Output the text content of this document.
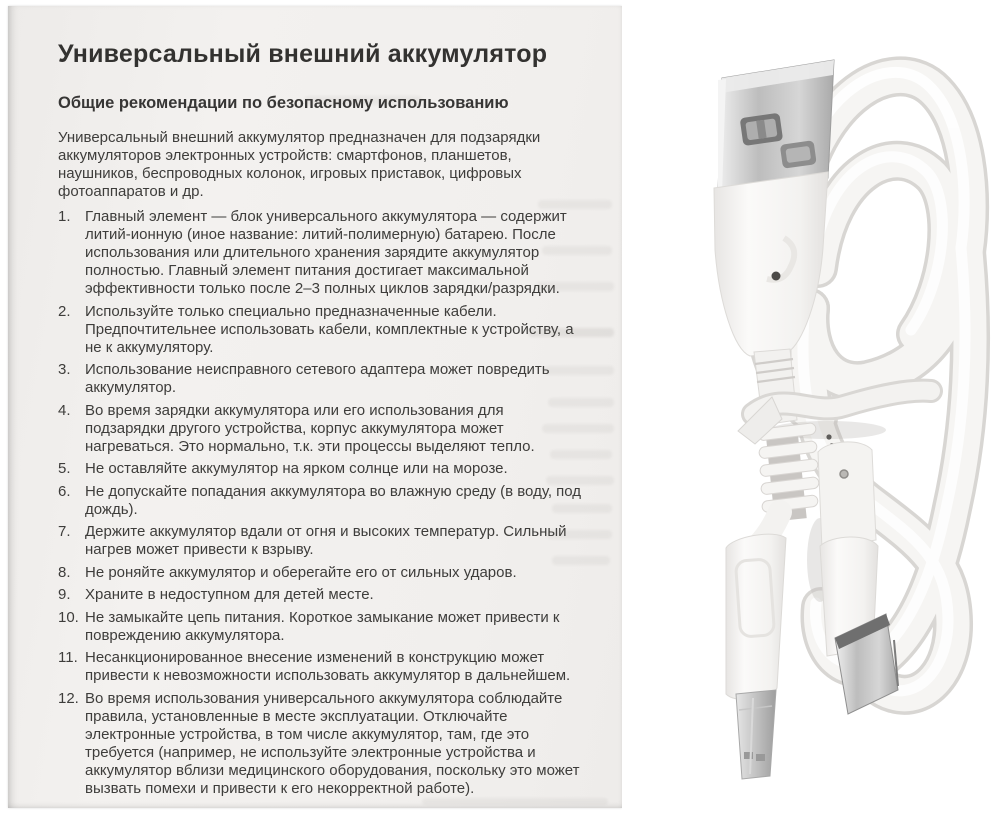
Универсальный внешний аккумулятор
Общие рекомендации по безопасному использованию

Универсальный внешний аккумулятор предназначен для подзарядки аккумуляторов электронных устройств: смартфонов, планшетов, наушников, беспроводных колонок, игровых приставок, цифровых фотоаппаратов и др.

1. Главный элемент — блок универсального аккумулятора — содержит литий-ионную (иное название: литий-полимерную) батарею. После использования или длительного хранения зарядите аккумулятор полностью. Главный элемент питания достигает максимальной эффективности только после 2–3 полных циклов зарядки/разрядки.
2. Используйте только специально предназначенные кабели. Предпочтительнее использовать кабели, комплектные к устройству, а не к аккумулятору.
3. Использование неисправного сетевого адаптера может повредить аккумулятор.
4. Во время зарядки аккумулятора или его использования для подзарядки другого устройства, корпус аккумулятора может нагреваться. Это нормально, т.к. эти процессы выделяют тепло.
5. Не оставляйте аккумулятор на ярком солнце или на морозе.
6. Не допускайте попадания аккумулятора во влажную среду (в воду, под дождь).
7. Держите аккумулятор вдали от огня и высоких температур. Сильный нагрев может привести к взрыву.
8. Не роняйте аккумулятор и оберегайте его от сильных ударов.
9. Храните в недоступном для детей месте.
10. Не замыкайте цепь питания. Короткое замыкание может привести к повреждению аккумулятора.
11. Несанкционированное внесение изменений в конструкцию может привести к невозможности использовать аккумулятор в дальнейшем.
12. Во время использования универсального аккумулятора соблюдайте правила, установленные в месте эксплуатации. Отключайте электронные устройства, в том числе аккумулятор, там, где это требуется (например, не используйте электронные устройства и аккумулятор вблизи медицинского оборудования, поскольку это может вызвать помехи и привести к его некорректной работе).
